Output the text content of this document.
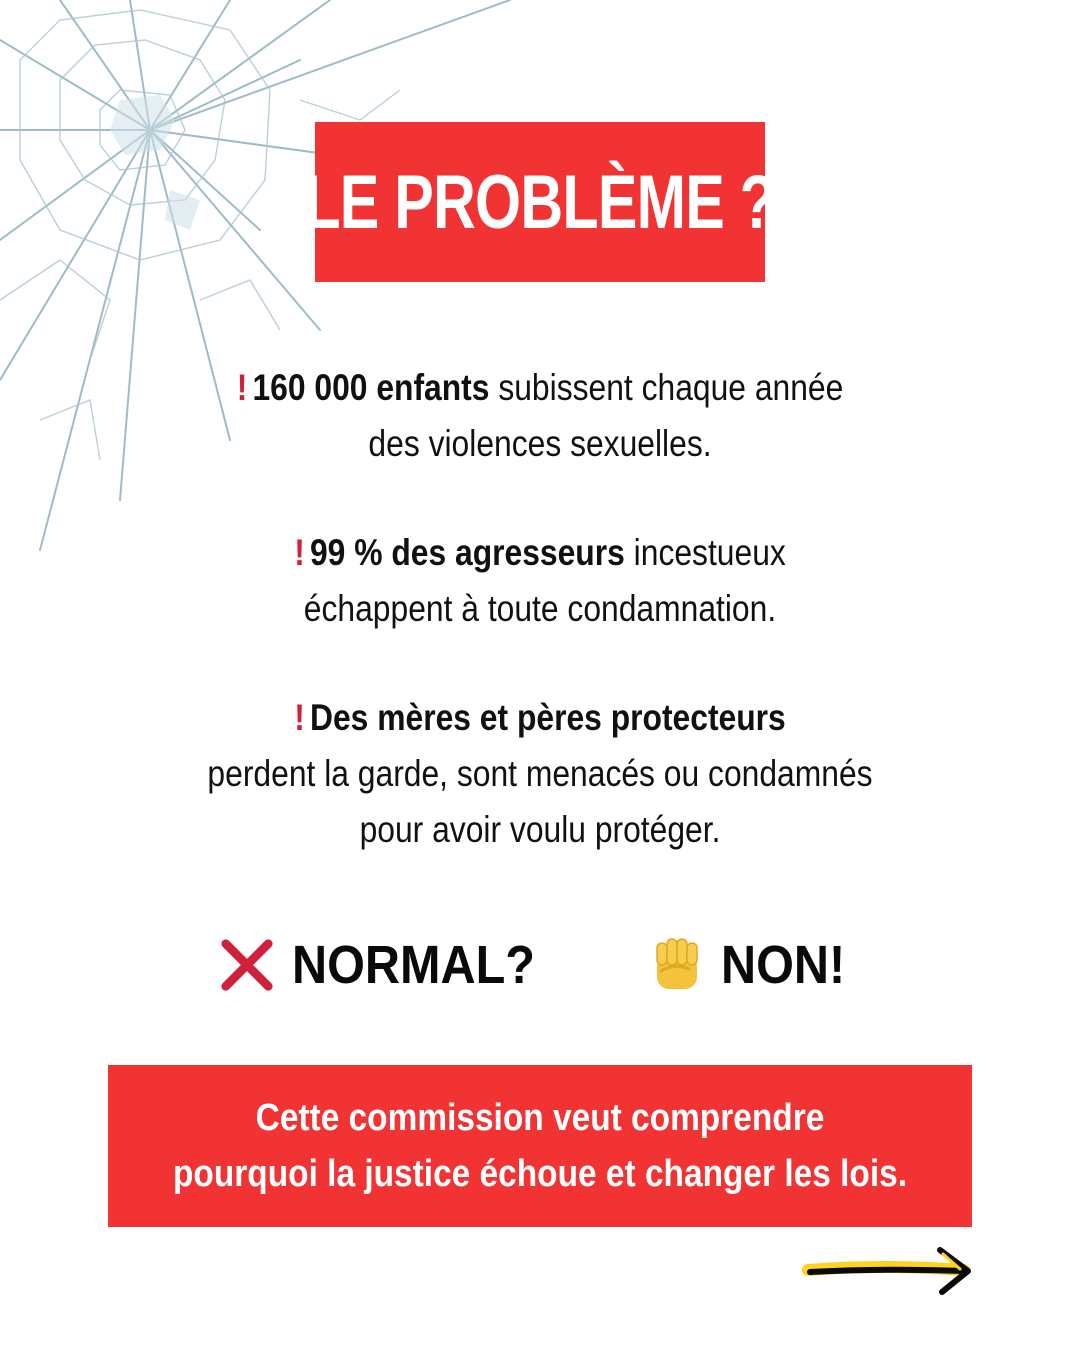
LE PROBLÈME ?

! 160 000 enfants subissent chaque année
des violences sexuelles.

! 99 % des agresseurs incestueux
échappent à toute condamnation.

! Des mères et pères protecteurs
perdent la garde, sont menacés ou condamnés
pour avoir voulu protéger.

NORMAL?	NON!
Cette commission veut comprendre
pourquoi la justice échoue et changer les lois.
